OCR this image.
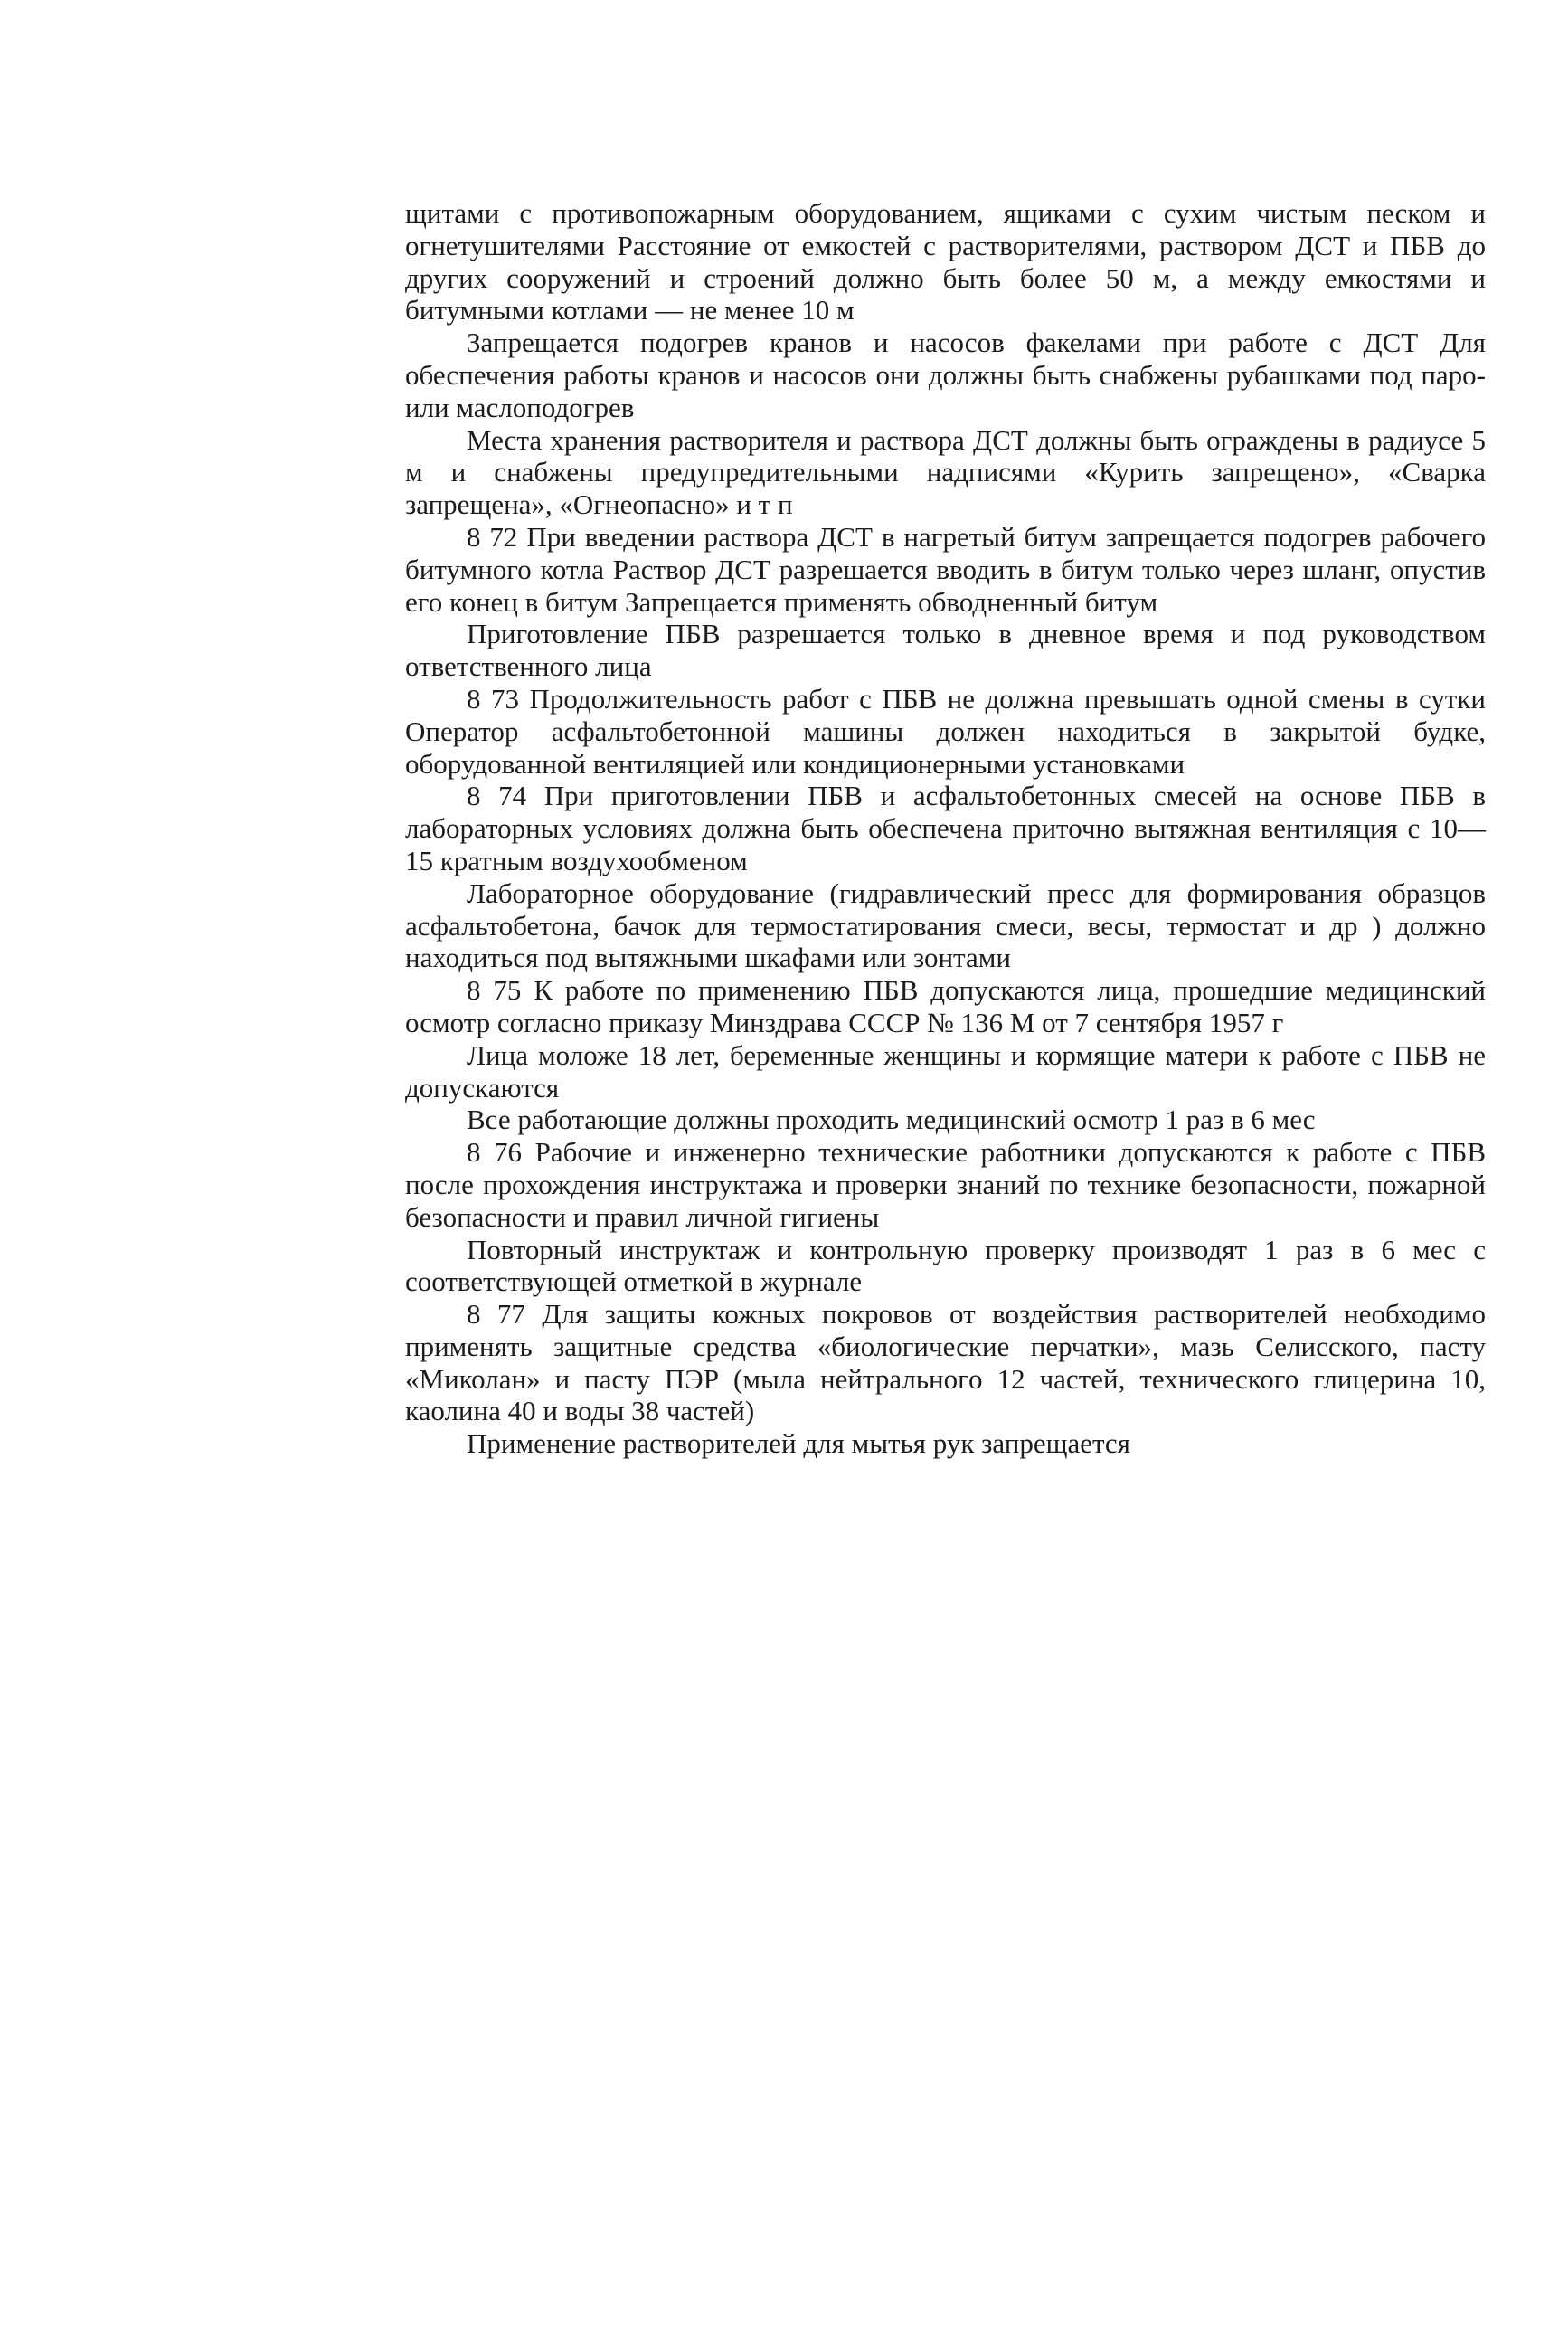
щитами с противопожарным оборудованием, ящиками с сухим чистым песком и огнетушителями Расстояние от емкостей с растворителями, раствором ДСТ и ПБВ до других сооружений и строений должно быть более 50 м, а между емкостями и битумными котлами — не менее 10 м

Запрещается подогрев кранов и насосов факелами при работе с ДСТ Для обеспечения работы кранов и насосов они должны быть снабжены рубашками под паро- или маслоподогрев

Места хранения растворителя и раствора ДСТ должны быть ограждены в радиусе 5 м и снабжены предупредительными надписями «Курить запрещено», «Сварка запрещена», «Огнеопасно» и т п

8 72 При введении раствора ДСТ в нагретый битум запрещается подогрев рабочего битумного котла Раствор ДСТ разрешается вводить в битум только через шланг, опустив его конец в битум Запрещается применять обводненный битум

Приготовление ПБВ разрешается только в дневное время и под руководством ответственного лица

8 73 Продолжительность работ с ПБВ не должна превышать одной смены в сутки Оператор асфальтобетонной машины должен находиться в закрытой будке, оборудованной вентиляцией или кондиционерными установками

8 74 При приготовлении ПБВ и асфальтобетонных смесей на основе ПБВ в лабораторных условиях должна быть обеспечена приточно вытяжная вентиляция с 10—15 кратным воздухообменом

Лабораторное оборудование (гидравлический пресс для формирования образцов асфальтобетона, бачок для термостатирования смеси, весы, термостат и др ) должно находиться под вытяжными шкафами или зонтами

8 75 К работе по применению ПБВ допускаются лица, прошедшие медицинский осмотр согласно приказу Минздрава СССР № 136 М от 7 сентября 1957 г

Лица моложе 18 лет, беременные женщины и кормящие матери к работе с ПБВ не допускаются

Все работающие должны проходить медицинский осмотр 1 раз в 6 мес

8 76 Рабочие и инженерно технические работники допускаются к работе с ПБВ после прохождения инструктажа и проверки знаний по технике безопасности, пожарной безопасности и правил личной гигиены

Повторный инструктаж и контрольную проверку производят 1 раз в 6 мес с соответствующей отметкой в журнале

8 77 Для защиты кожных покровов от воздействия растворителей необходимо применять защитные средства «биологические перчатки», мазь Селисского, пасту «Миколан» и пасту ПЭР (мыла нейтрального 12 частей, технического глицерина 10, каолина 40 и воды 38 частей)

Применение растворителей для мытья рук запрещается
